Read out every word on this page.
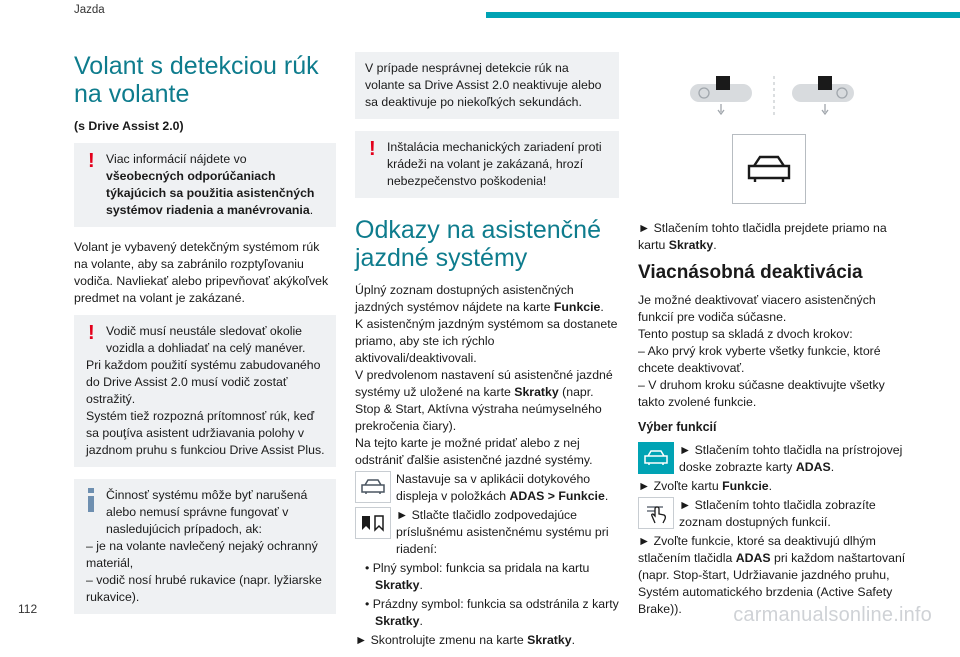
Jazda
Volant s detekciou rúk na volante

(s Drive Assist 2.0)

! Viac informácií nájdete vo všeobecných odporúčaniach týkajúcich sa použitia asistenčných systémov riadenia a manévrovania.

Volant je vybavený detekčným systémom rúk na volante, aby sa zabránilo rozptyľovaniu vodiča. Navliekať alebo pripevňovať akýkoľvek predmet na volant je zakázané.

! Vodič musí neustále sledovať okolie vozidla a dohliadať na celý manéver.
Pri každom použití systému zabudovaného do Drive Assist 2.0 musí vodič zostať ostražitý.
Systém tiež rozpozná prítomnosť rúk, keď sa pouţíva asistent udržiavania polohy v jazdnom pruhu s funkciou Drive Assist Plus.
Činnosť systému môže byť narušená alebo nemusí správne fungovať v nasledujúcich prípadoch, ak:
– je na volante navlečený nejaký ochranný materiál,
– vodič nosí hrubé rukavice (napr. lyžiarske rukavice).
V prípade nesprávnej detekcie rúk na volante sa Drive Assist 2.0 neaktivuje alebo sa deaktivuje po niekoľkých sekundách.
! Inštalácia mechanických zariadení proti krádeži na volant je zakázaná, hrozí nebezpečenstvo poškodenia!
Odkazy na asistenčné jazdné systémy

Úplný zoznam dostupných asistenčných jazdných systémov nájdete na karte Funkcie.

K asistenčným jazdným systémom sa dostanete priamo, aby ste ich rýchlo aktivovali/deaktivovali.

V predvolenom nastavení sú asistenčné jazdné systémy už uložené na karte Skratky (napr. Stop & Start, Aktívna výstraha neúmyselného prekročenia čiary).

Na tejto karte je možné pridať alebo z nej odstrániť ďalšie asistenčné jazdné systémy.

Nastavuje sa v aplikácii dotykového displeja v položkách ADAS > Funkcie.
► Stlačte tlačidlo zodpovedajúce príslušnému asistenčnému systému pri riadení:
• Plný symbol: funkcia sa pridala na kartu Skratky.
• Prázdny symbol: funkcia sa odstránila z karty Skratky.

► Skontrolujte zmenu na karte Skratky.

► Stlačením tohto tlačidla prejdete priamo na kartu Skratky.

Viacnásobná deaktivácia

Je možné deaktivovať viacero asistenčných funkcií pre vodiča súčasne.

Tento postup sa skladá z dvoch krokov:

– Ako prvý krok vyberte všetky funkcie, ktoré chcete deaktivovať.

– V druhom kroku súčasne deaktivujte všetky takto zvolené funkcie.

Výber funkcií
► Stlačením tohto tlačidla na prístrojovej doske zobrazte karty ADAS.

► Zvoľte kartu Funkcie.

► Stlačením tohto tlačidla zobrazíte zoznam dostupných funkcií.

► Zvoľte funkcie, ktoré sa deaktivujú dlhým stlačením tlačidla ADAS pri každom naštartovaní (napr. Stop-štart, Udržiavanie jazdného pruhu, Systém automatického brzdenia (Active Safety Brake)).

112	carmanualsonline.info
